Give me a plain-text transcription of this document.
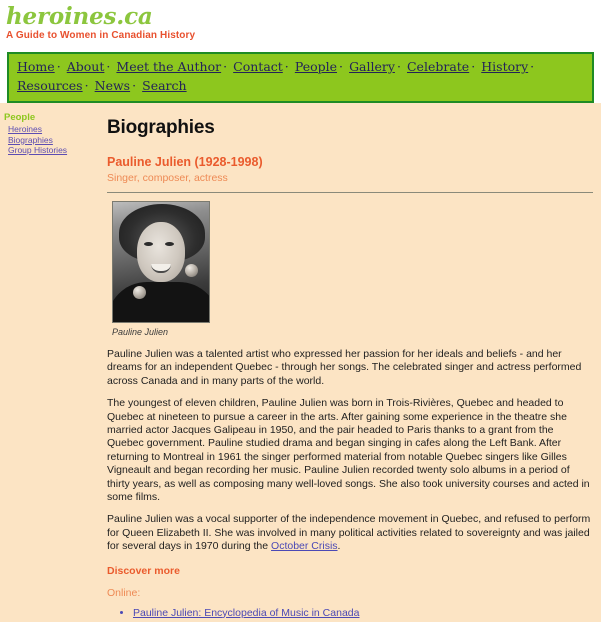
heroines.ca
A Guide to Women in Canadian History
Home · About · Meet the Author · Contact · People · Gallery · Celebrate · History · Resources · News · Search
People
Heroines
Biographies
Group Histories
Biographies
Pauline Julien (1928-1998)

Singer, composer, actress

Pauline Julien

Pauline Julien was a talented artist who expressed her passion for her ideals and beliefs - and her dreams for an independent Quebec - through her songs. The celebrated singer and actress performed across Canada and in many parts of the world.

The youngest of eleven children, Pauline Julien was born in Trois-Rivières, Quebec and headed to Quebec at nineteen to pursue a career in the arts. After gaining some experience in the theatre she married actor Jacques Galipeau in 1950, and the pair headed to Paris thanks to a grant from the Quebec government. Pauline studied drama and began singing in cafes along the Left Bank. After returning to Montreal in 1961 the singer performed material from notable Quebec singers like Gilles Vigneault and began recording her music. Pauline Julien recorded twenty solo albums in a period of thirty years, as well as composing many well-loved songs. She also took university courses and acted in some films.

Pauline Julien was a vocal supporter of the independence movement in Quebec, and refused to perform for Queen Elizabeth II. She was involved in many political activities related to sovereignty and was jailed for several days in 1970 during the October Crisis.

Discover more

Online:

• Pauline Julien: Encyclopedia of Music in Canada
